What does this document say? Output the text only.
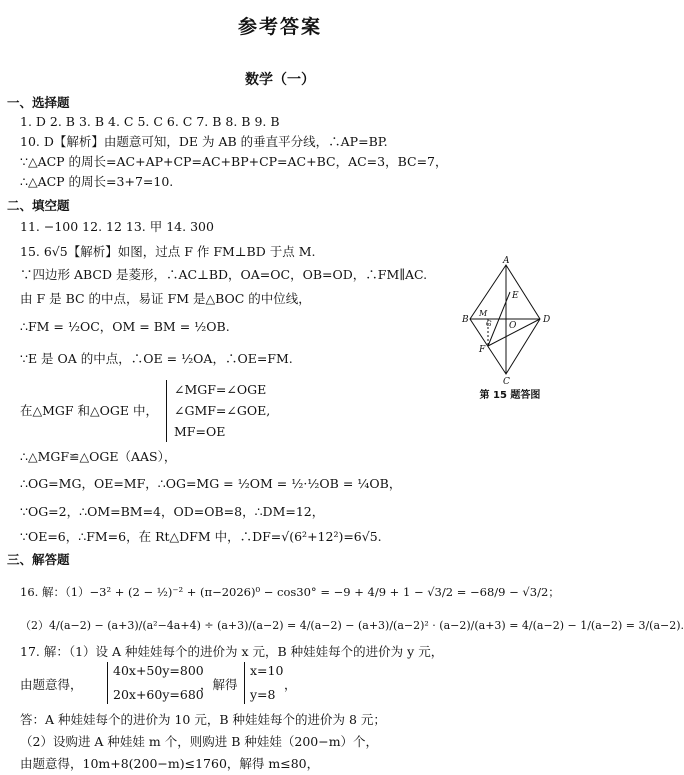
参考答案
数学（一）
一、选择题
1. D 2. B 3. B 4. C 5. C 6. C 7. B 8. B 9. B
10. D【解析】由题意可知，DE 为 AB 的垂直平分线，∴AP=BP.
∵△ACP 的周长=AC+AP+CP=AC+BP+CP=AC+BC，AC=3，BC=7，
∴△ACP 的周长=3+7=10.
二、填空题
11. −100 12. 12 13. 甲 14. 300
15. 6√5【解析】如图，过点 F 作 FM⊥BD 于点 M.
∵四边形 ABCD 是菱形，∴AC⊥BD，OA=OC，OB=OD，∴FM∥AC.
由 F 是 BC 的中点，易证 FM 是△BOC 的中位线，
∴FM = ½OC，OM = BM = ½OB.
∵E 是 OA 的中点，∴OE = ½OA，∴OE=FM.
在△MGF 和△OGE 中，
∠MGF=∠OGE
∠GMF=∠GOE,
MF=OE
∴△MGF≌△OGE（AAS），
∴OG=MG，OE=MF，∴OG=MG = ½OM = ½·½OB = ¼OB，
∵OG=2，∴OM=BM=4，OD=OB=8，∴DM=12，
∵OE=6，∴FM=6，在 Rt△DFM 中，∴DF=√(6²+12²)=6√5.
三、解答题
16. 解：（1）−3² + (2 − ½)⁻² + (π−2026)⁰ − cos30° = −9 + 4/9 + 1 − √3/2 = −68/9 − √3/2；
（2）4/(a−2) − (a+3)/(a²−4a+4) ÷ (a+3)/(a−2) = 4/(a−2) − (a+3)/(a−2)² · (a−2)/(a+3) = 4/(a−2) − 1/(a−2) = 3/(a−2).
17. 解：（1）设 A 种娃娃每个的进价为 x 元，B 种娃娃每个的进价为 y 元，
由题意得，
40x+50y=800
20x+60y=680
，解得
x=10
y=8
，
答：A 种娃娃每个的进价为 10 元，B 种娃娃每个的进价为 8 元；
（2）设购进 A 种娃娃 m 个，则购进 B 种娃娃（200−m）个，
由题意得，10m+8(200−m)≤1760，解得 m≤80，
A
B
C
D
E
F
G
M
O
第 15 题答图
